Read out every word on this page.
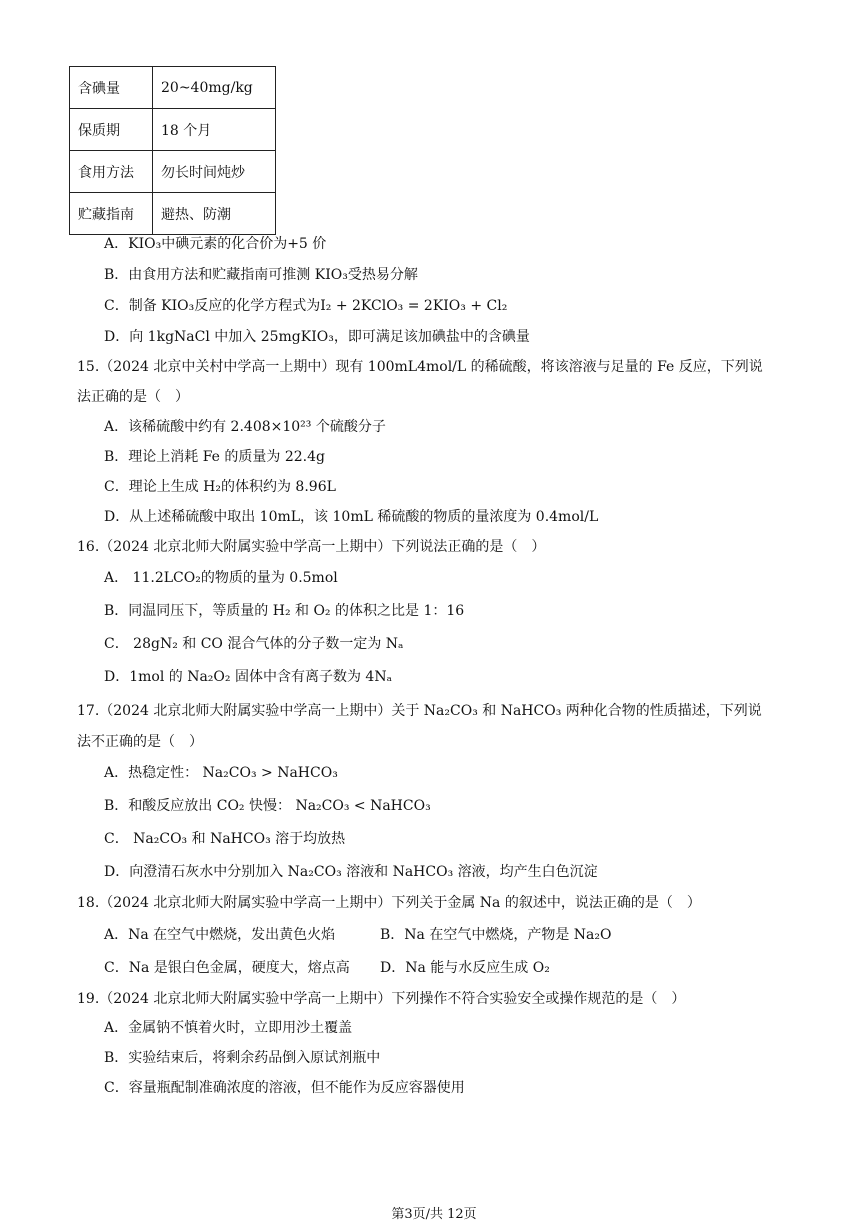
含碘量	20~40mg/kg
保质期	18 个月
食用方法	勿长时间炖炒
贮藏指南	避热、防潮
A．KIO₃中碘元素的化合价为+5 价
B．由食用方法和贮藏指南可推测 KIO₃受热易分解
C．制备 KIO₃反应的化学方程式为I₂ + 2KClO₃ = 2KIO₃ + Cl₂
D．向 1kgNaCl 中加入 25mgKIO₃，即可满足该加碘盐中的含碘量
15.（2024 北京中关村中学高一上期中）现有 100mL4mol/L 的稀硫酸，将该溶液与足量的 Fe 反应，下列说
法正确的是（　）
A．该稀硫酸中约有 2.408×10²³ 个硫酸分子
B．理论上消耗 Fe 的质量为 22.4g
C．理论上生成 H₂的体积约为 8.96L
D．从上述稀硫酸中取出 10mL，该 10mL 稀硫酸的物质的量浓度为 0.4mol/L
16.（2024 北京北师大附属实验中学高一上期中）下列说法正确的是（　）
A． 11.2LCO₂的物质的量为 0.5mol
B．同温同压下，等质量的 H₂ 和 O₂ 的体积之比是 1：16
C． 28gN₂ 和 CO 混合气体的分子数一定为 Nₐ
D．1mol 的 Na₂O₂ 固体中含有离子数为 4Nₐ
17.（2024 北京北师大附属实验中学高一上期中）关于 Na₂CO₃ 和 NaHCO₃ 两种化合物的性质描述，下列说
法不正确的是（　）
A．热稳定性： Na₂CO₃ > NaHCO₃
B．和酸反应放出 CO₂ 快慢： Na₂CO₃ < NaHCO₃
C． Na₂CO₃ 和 NaHCO₃ 溶于均放热
D．向澄清石灰水中分别加入 Na₂CO₃ 溶液和 NaHCO₃ 溶液，均产生白色沉淀
18.（2024 北京北师大附属实验中学高一上期中）下列关于金属 Na 的叙述中，说法正确的是（　）
A．Na 在空气中燃烧，发出黄色火焰	B．Na 在空气中燃烧，产物是 Na₂O
C．Na 是银白色金属，硬度大，熔点高 D．Na 能与水反应生成 O₂
19.（2024 北京北师大附属实验中学高一上期中）下列操作不符合实验安全或操作规范的是（　）
A．金属钠不慎着火时，立即用沙土覆盖
B．实验结束后，将剩余药品倒入原试剂瓶中
C．容量瓶配制准确浓度的溶液，但不能作为反应容器使用
第3页/共 12页
